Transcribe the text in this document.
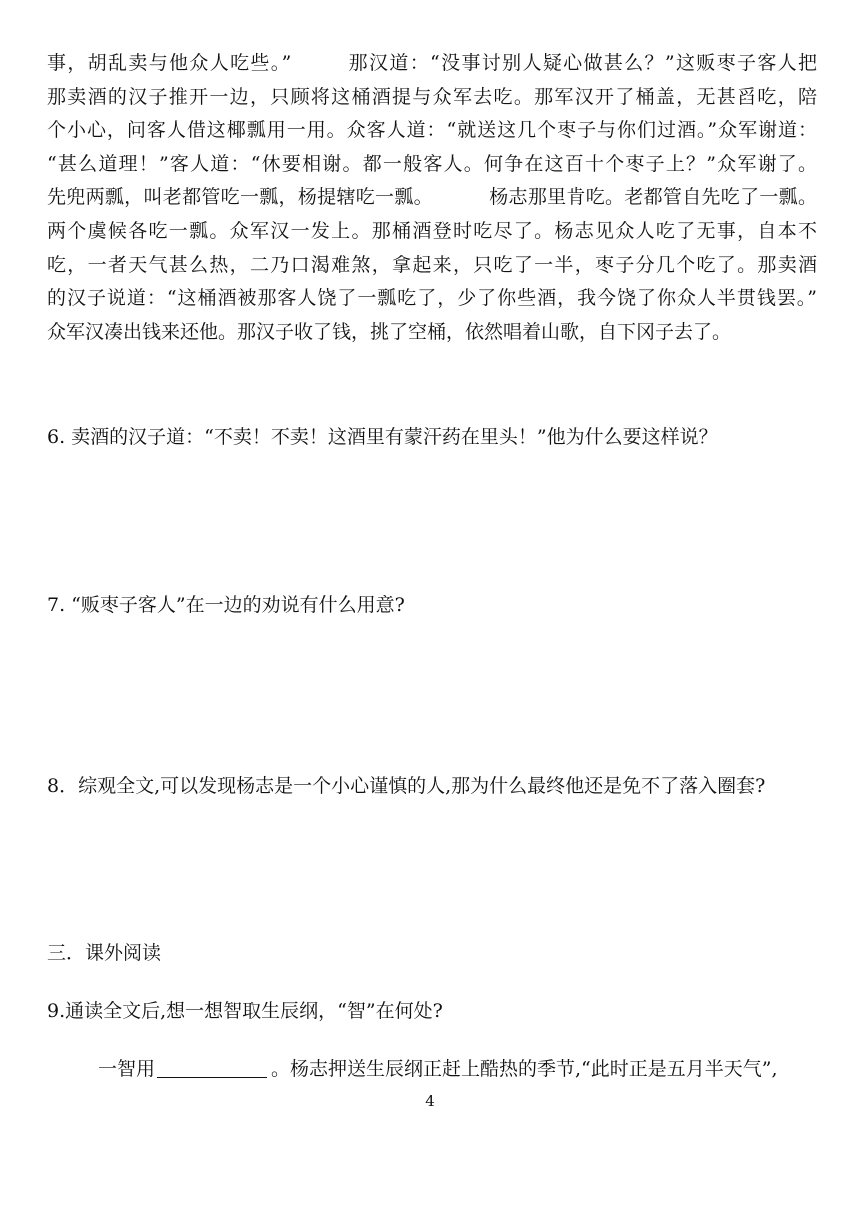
事，胡乱卖与他众人吃些。”	那汉道：“没事讨别人疑心做甚么？”这贩枣子客人把
那卖酒的汉子推开一边，只顾将这桶酒提与众军去吃。那军汉开了桶盖，无甚舀吃，陪
个小心，问客人借这椰瓢用一用。众客人道：“就送这几个枣子与你们过酒。”众军谢道：
“甚么道理！”客人道：“休要相谢。都一般客人。何争在这百十个枣子上？”众军谢了。
先兜两瓢，叫老都管吃一瓢，杨提辖吃一瓢。	杨志那里肯吃。老都管自先吃了一瓢。
两个虞候各吃一瓢。众军汉一发上。那桶酒登时吃尽了。杨志见众人吃了无事，自本不
吃，一者天气甚么热，二乃口渴难煞，拿起来，只吃了一半，枣子分几个吃了。那卖酒
的汉子说道：“这桶酒被那客人饶了一瓢吃了，少了你些酒，我今饶了你众人半贯钱罢。”
众军汉凑出钱来还他。那汉子收了钱，挑了空桶，依然唱着山歌，自下冈子去了。
6. 卖酒的汉子道：“不卖！不卖！这酒里有蒙汗药在里头！”他为什么要这样说？
7. “贩枣子客人”在一边的劝说有什么用意?
8．综观全文,可以发现杨志是一个小心谨慎的人,那为什么最终他还是免不了落入圈套?
三．课外阅读
9.通读全文后,想一想智取生辰纲，“智”在何处?
一智用	。杨志押送生辰纲正赶上酷热的季节,“此时正是五月半天气”,
4
